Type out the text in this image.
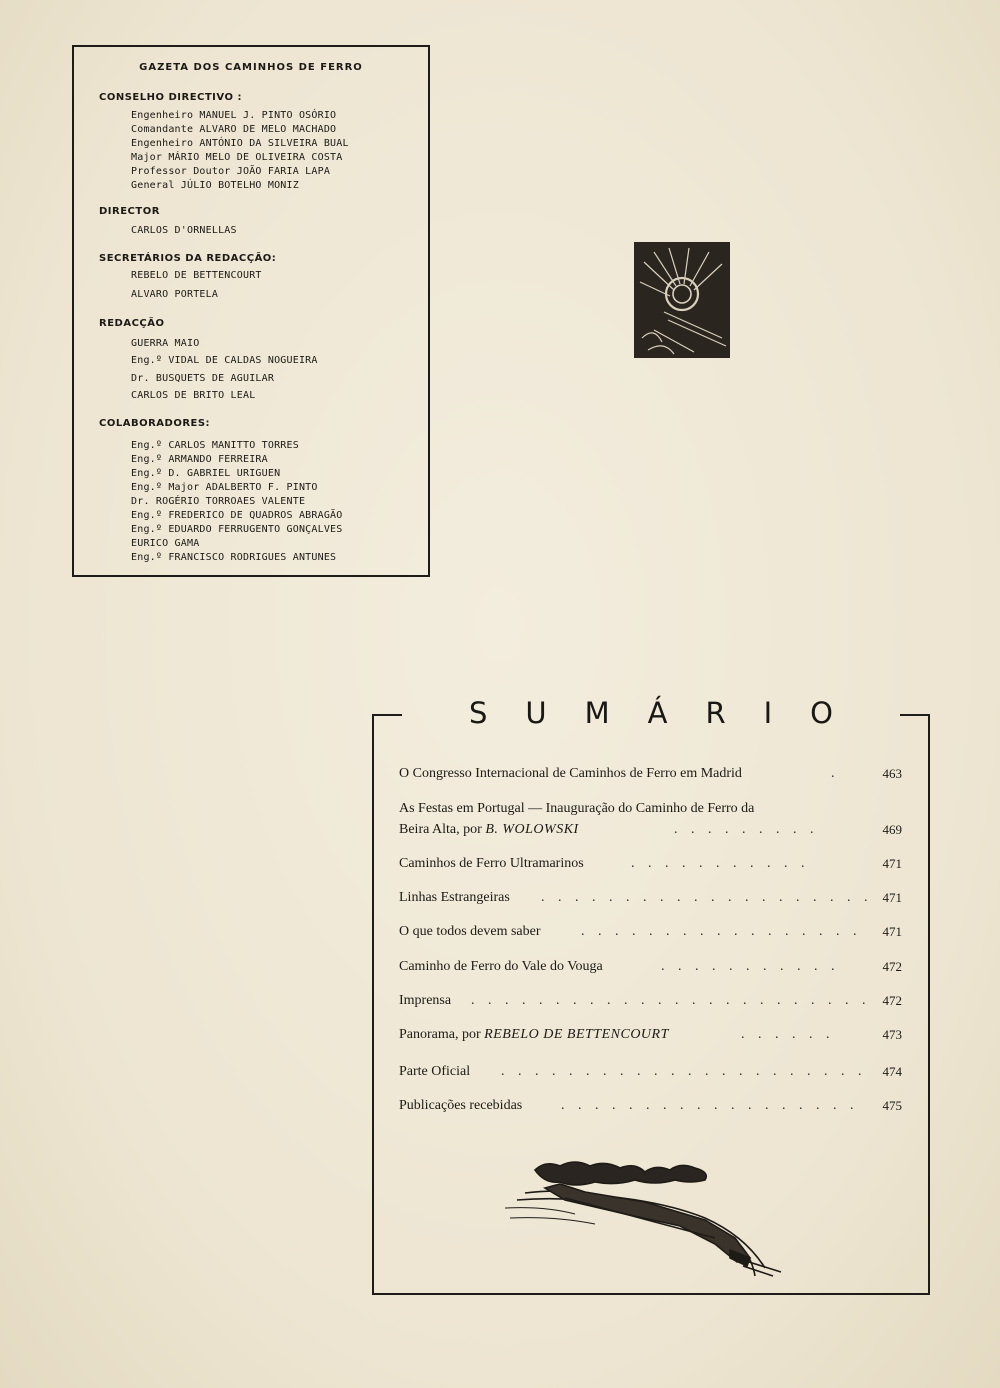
GAZETA DOS CAMINHOS DE FERRO
CONSELHO DIRECTIVO :
Engenheiro MANUEL J. PINTO OSÓRIO
Comandante ALVARO DE MELO MACHADO
Engenheiro ANTÓNIO DA SILVEIRA BUAL
Major MÁRIO MELO DE OLIVEIRA COSTA
Professor Doutor JOÃO FARIA LAPA
General JÚLIO BOTELHO MONIZ
DIRECTOR
CARLOS D'ORNELLAS
SECRETÁRIOS DA REDACÇÃO:
REBELO DE BETTENCOURT
ALVARO PORTELA
REDACÇÃO
GUERRA MAIO
Eng.º VIDAL DE CALDAS NOGUEIRA
Dr. BUSQUETS DE AGUILAR
CARLOS DE BRITO LEAL
COLABORADORES:
Eng.º CARLOS MANITTO TORRES
Eng.º ARMANDO FERREIRA
Eng.º D. GABRIEL URIGUEN
Eng.º Major ADALBERTO F. PINTO
Dr. ROGÉRIO TORROAES VALENTE
Eng.º FREDERICO DE QUADROS ABRAGÃO
Eng.º EDUARDO FERRUGENTO GONÇALVES
EURICO GAMA
Eng.º FRANCISCO RODRIGUES ANTUNES
SUMÁRIO
O Congresso Internacional de Caminhos de Ferro em Madrid	.	463
As Festas em Portugal — Inauguração do Caminho de Ferro da
Beira Alta, por B. WOLOWSKI	. . . . . . . . .	469
Caminhos de Ferro Ultramarinos	. . . . . . . . . . .	471
Linhas Estrangeiras . . . . . . . . . . . . . . . . . . . . 471
O que todos devem saber	. . . . . . . . . . . . . . . . . 471
Caminho de Ferro do Vale do Vouga	. . . . . . . . . . .	472
Imprensa . . . . . . . . . . . . . . . . . . . . . . . . 472
Panorama, por REBELO DE BETTENCOURT	. . . . . .	473
Parte Oficial . . . . . . . . . . . . . . . . . . . . . . 474
Publicações recebidas	. . . . . . . . . . . . . . . . . . 475
